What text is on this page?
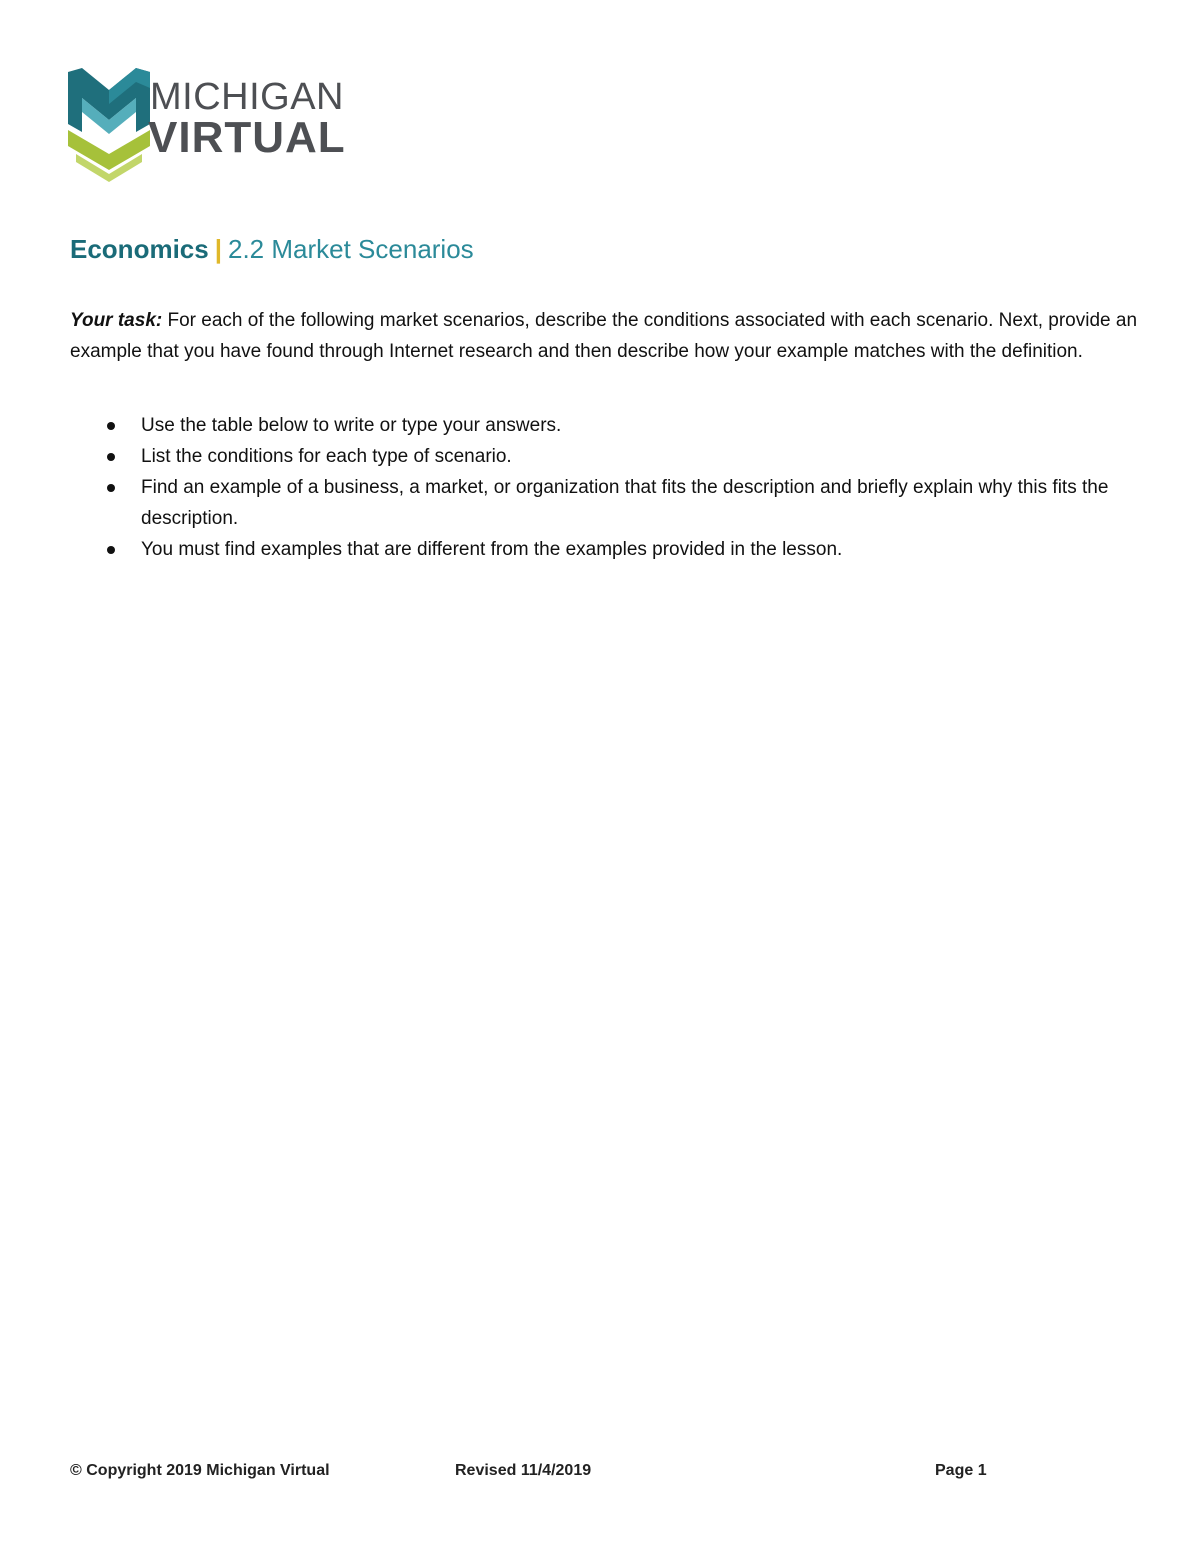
MICHIGAN
VIRTUAL
Economics | 2.2 Market Scenarios

Your task: For each of the following market scenarios, describe the conditions associated with each scenario. Next, provide an example that you have found through Internet research and then describe how your example matches with the definition.

Use the table below to write or type your answers.
List the conditions for each type of scenario.
Find an example of a business, a market, or organization that fits the description and briefly explain why this fits the description.
You must find examples that are different from the examples provided in the lesson.
© Copyright 2019 Michigan Virtual	Revised 11/4/2019	Page 1
